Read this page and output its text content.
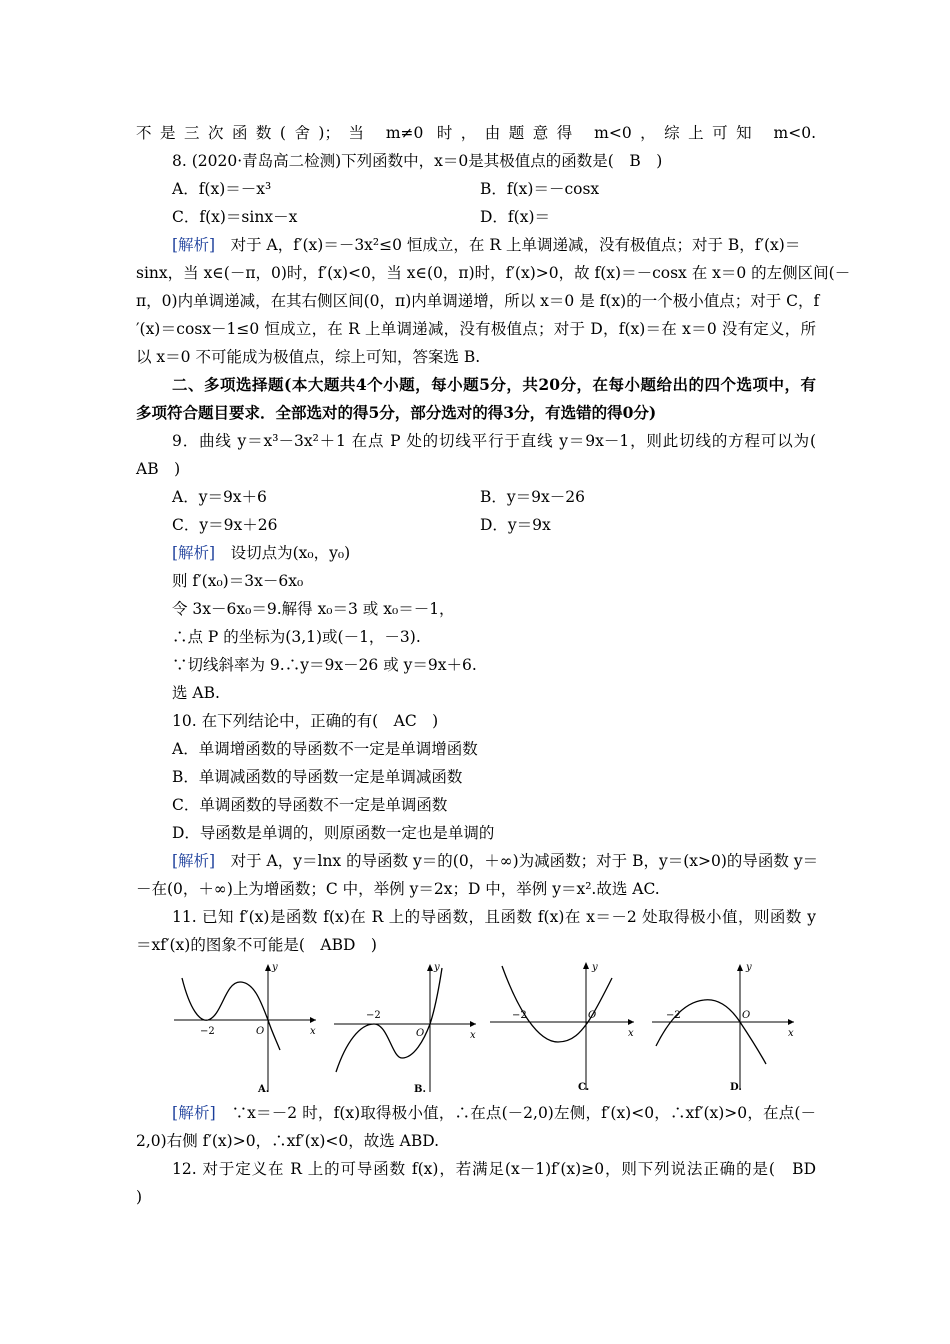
不是三次函数(舍)；当 m≠0 时，由题意得 m<0，综上可知 m<0.
8. (2020·青岛高二检测)下列函数中，x＝0是其极值点的函数是(　B　)
A．f(x)＝－x³	B．f(x)＝－cosx
C．f(x)＝sinx－x	D．f(x)＝
[解析]　对于 A，f′(x)＝－3x²≤0 恒成立，在 R 上单调递减，没有极值点；对于 B，f′(x)＝
sinx，当 x∈(－π，0)时，f′(x)<0，当 x∈(0，π)时，f′(x)>0，故 f(x)＝－cosx 在 x＝0 的左侧区间(－
π，0)内单调递减，在其右侧区间(0，π)内单调递增，所以 x＝0 是 f(x)的一个极小值点；对于 C，f
′(x)＝cosx－1≤0 恒成立，在 R 上单调递减，没有极值点；对于 D，f(x)＝在 x＝0 没有定义，所
以 x＝0 不可能成为极值点，综上可知，答案选 B.
二、多项选择题(本大题共4个小题，每小题5分，共20分，在每小题给出的四个选项中，有
多项符合题目要求．全部选对的得5分，部分选对的得3分，有选错的得0分)
9．曲线 y＝x³－3x²＋1 在点 P 处的切线平行于直线 y＝9x－1，则此切线的方程可以为(
AB　)
A．y＝9x＋6	B．y＝9x－26
C．y＝9x＋26	D．y＝9x
[解析]　设切点为(x₀，y₀)
则 f′(x₀)＝3x－6x₀
令 3x－6x₀＝9.解得 x₀＝3 或 x₀＝－1，
∴点 P 的坐标为(3,1)或(－1，－3).
∵切线斜率为 9.∴y＝9x－26 或 y＝9x＋6.
选 AB.
10. 在下列结论中，正确的有(　AC　)
A．单调增函数的导函数不一定是单调增函数
B．单调减函数的导函数一定是单调减函数
C．单调函数的导函数不一定是单调函数
D．导函数是单调的，则原函数一定也是单调的
[解析]　对于 A，y＝lnx 的导函数 y＝的(0，＋∞)为减函数；对于 B，y＝(x>0)的导函数 y＝
－在(0，＋∞)上为增函数；C 中，举例 y＝2x；D 中，举例 y＝x².故选 AC.
11. 已知 f′(x)是函数 f(x)在 R 上的导函数，且函数 f(x)在 x＝－2 处取得极小值，则函数 y
＝xf′(x)的图象不可能是(　ABD　)
y
x
O
−2
A.
y
x
O
−2
B.
y
x
O
−2
C.
y
x
O
−2
D.
[解析]　∵x＝－2 时，f(x)取得极小值，∴在点(－2,0)左侧，f′(x)<0，∴xf′(x)>0，在点(－
2,0)右侧 f′(x)>0，∴xf′(x)<0，故选 ABD.
12. 对于定义在 R 上的可导函数 f(x)，若满足(x－1)f′(x)≥0，则下列说法正确的是(　BD
)
